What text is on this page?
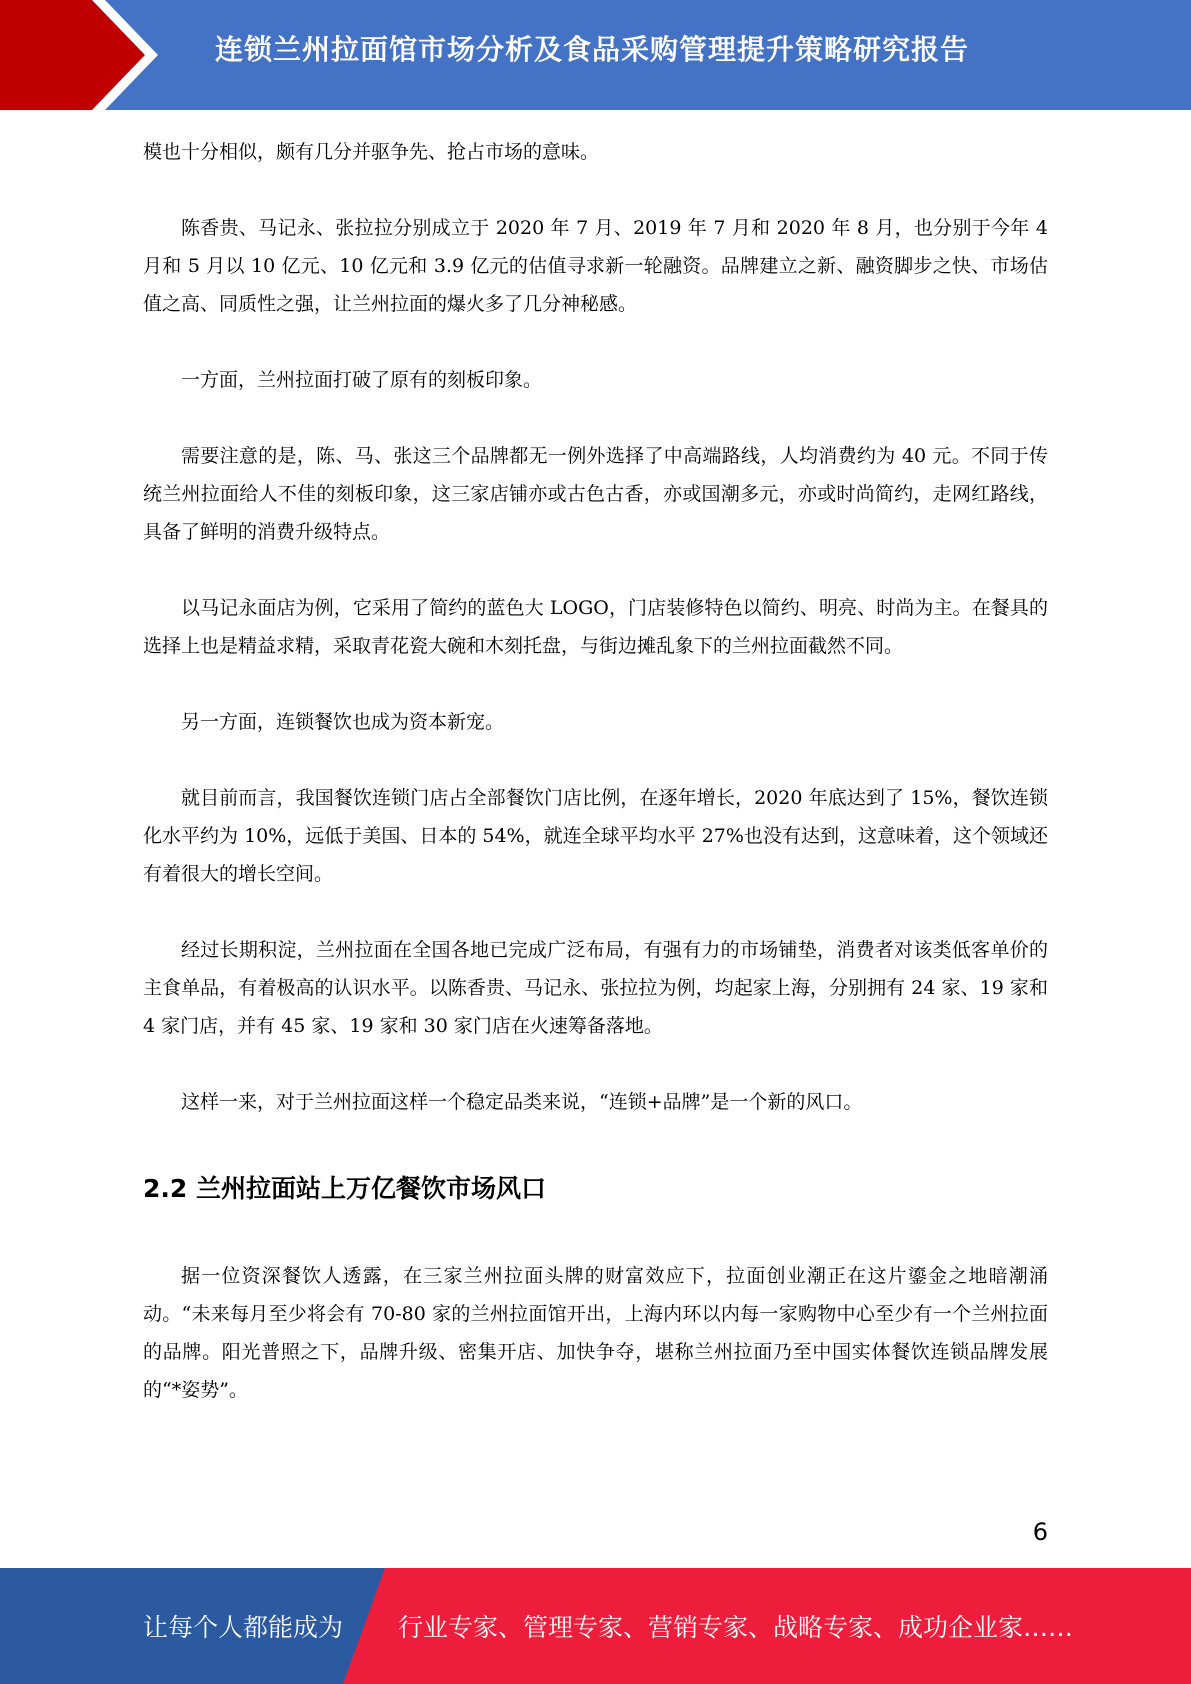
连锁兰州拉面馆市场分析及食品采购管理提升策略研究报告

模也十分相似，颇有几分并驱争先、抢占市场的意味。

陈香贵、马记永、张拉拉分别成立于 2020 年 7 月、2019 年 7 月和 2020 年 8 月，也分别于今年 4 月和 5 月以 10 亿元、10 亿元和 3.9 亿元的估值寻求新一轮融资。品牌建立之新、融资脚步之快、市场估值之高、同质性之强，让兰州拉面的爆火多了几分神秘感。

一方面，兰州拉面打破了原有的刻板印象。

需要注意的是，陈、马、张这三个品牌都无一例外选择了中高端路线，人均消费约为 40 元。不同于传统兰州拉面给人不佳的刻板印象，这三家店铺亦或古色古香，亦或国潮多元，亦或时尚简约，走网红路线，具备了鲜明的消费升级特点。

以马记永面店为例，它采用了简约的蓝色大 LOGO，门店装修特色以简约、明亮、时尚为主。在餐具的选择上也是精益求精，采取青花瓷大碗和木刻托盘，与街边摊乱象下的兰州拉面截然不同。

另一方面，连锁餐饮也成为资本新宠。

就目前而言，我国餐饮连锁门店占全部餐饮门店比例，在逐年增长，2020 年底达到了 15%，餐饮连锁化水平约为 10%，远低于美国、日本的 54%，就连全球平均水平 27%也没有达到，这意味着，这个领域还有着很大的增长空间。

经过长期积淀，兰州拉面在全国各地已完成广泛布局，有强有力的市场铺垫，消费者对该类低客单价的主食单品，有着极高的认识水平。以陈香贵、马记永、张拉拉为例，均起家上海，分别拥有 24 家、19 家和 4 家门店，并有 45 家、19 家和 30 家门店在火速筹备落地。

这样一来，对于兰州拉面这样一个稳定品类来说，“连锁+品牌”是一个新的风口。

2.2 兰州拉面站上万亿餐饮市场风口

据一位资深餐饮人透露，在三家兰州拉面头牌的财富效应下，拉面创业潮正在这片鎏金之地暗潮涌动。“未来每月至少将会有 70-80 家的兰州拉面馆开出，上海内环以内每一家购物中心至少有一个兰州拉面的品牌。阳光普照之下，品牌升级、密集开店、加快争夺，堪称兰州拉面乃至中国实体餐饮连锁品牌发展的“*姿势”。

6
让每个人都能成为 行业专家、管理专家、营销专家、战略专家、成功企业家……
